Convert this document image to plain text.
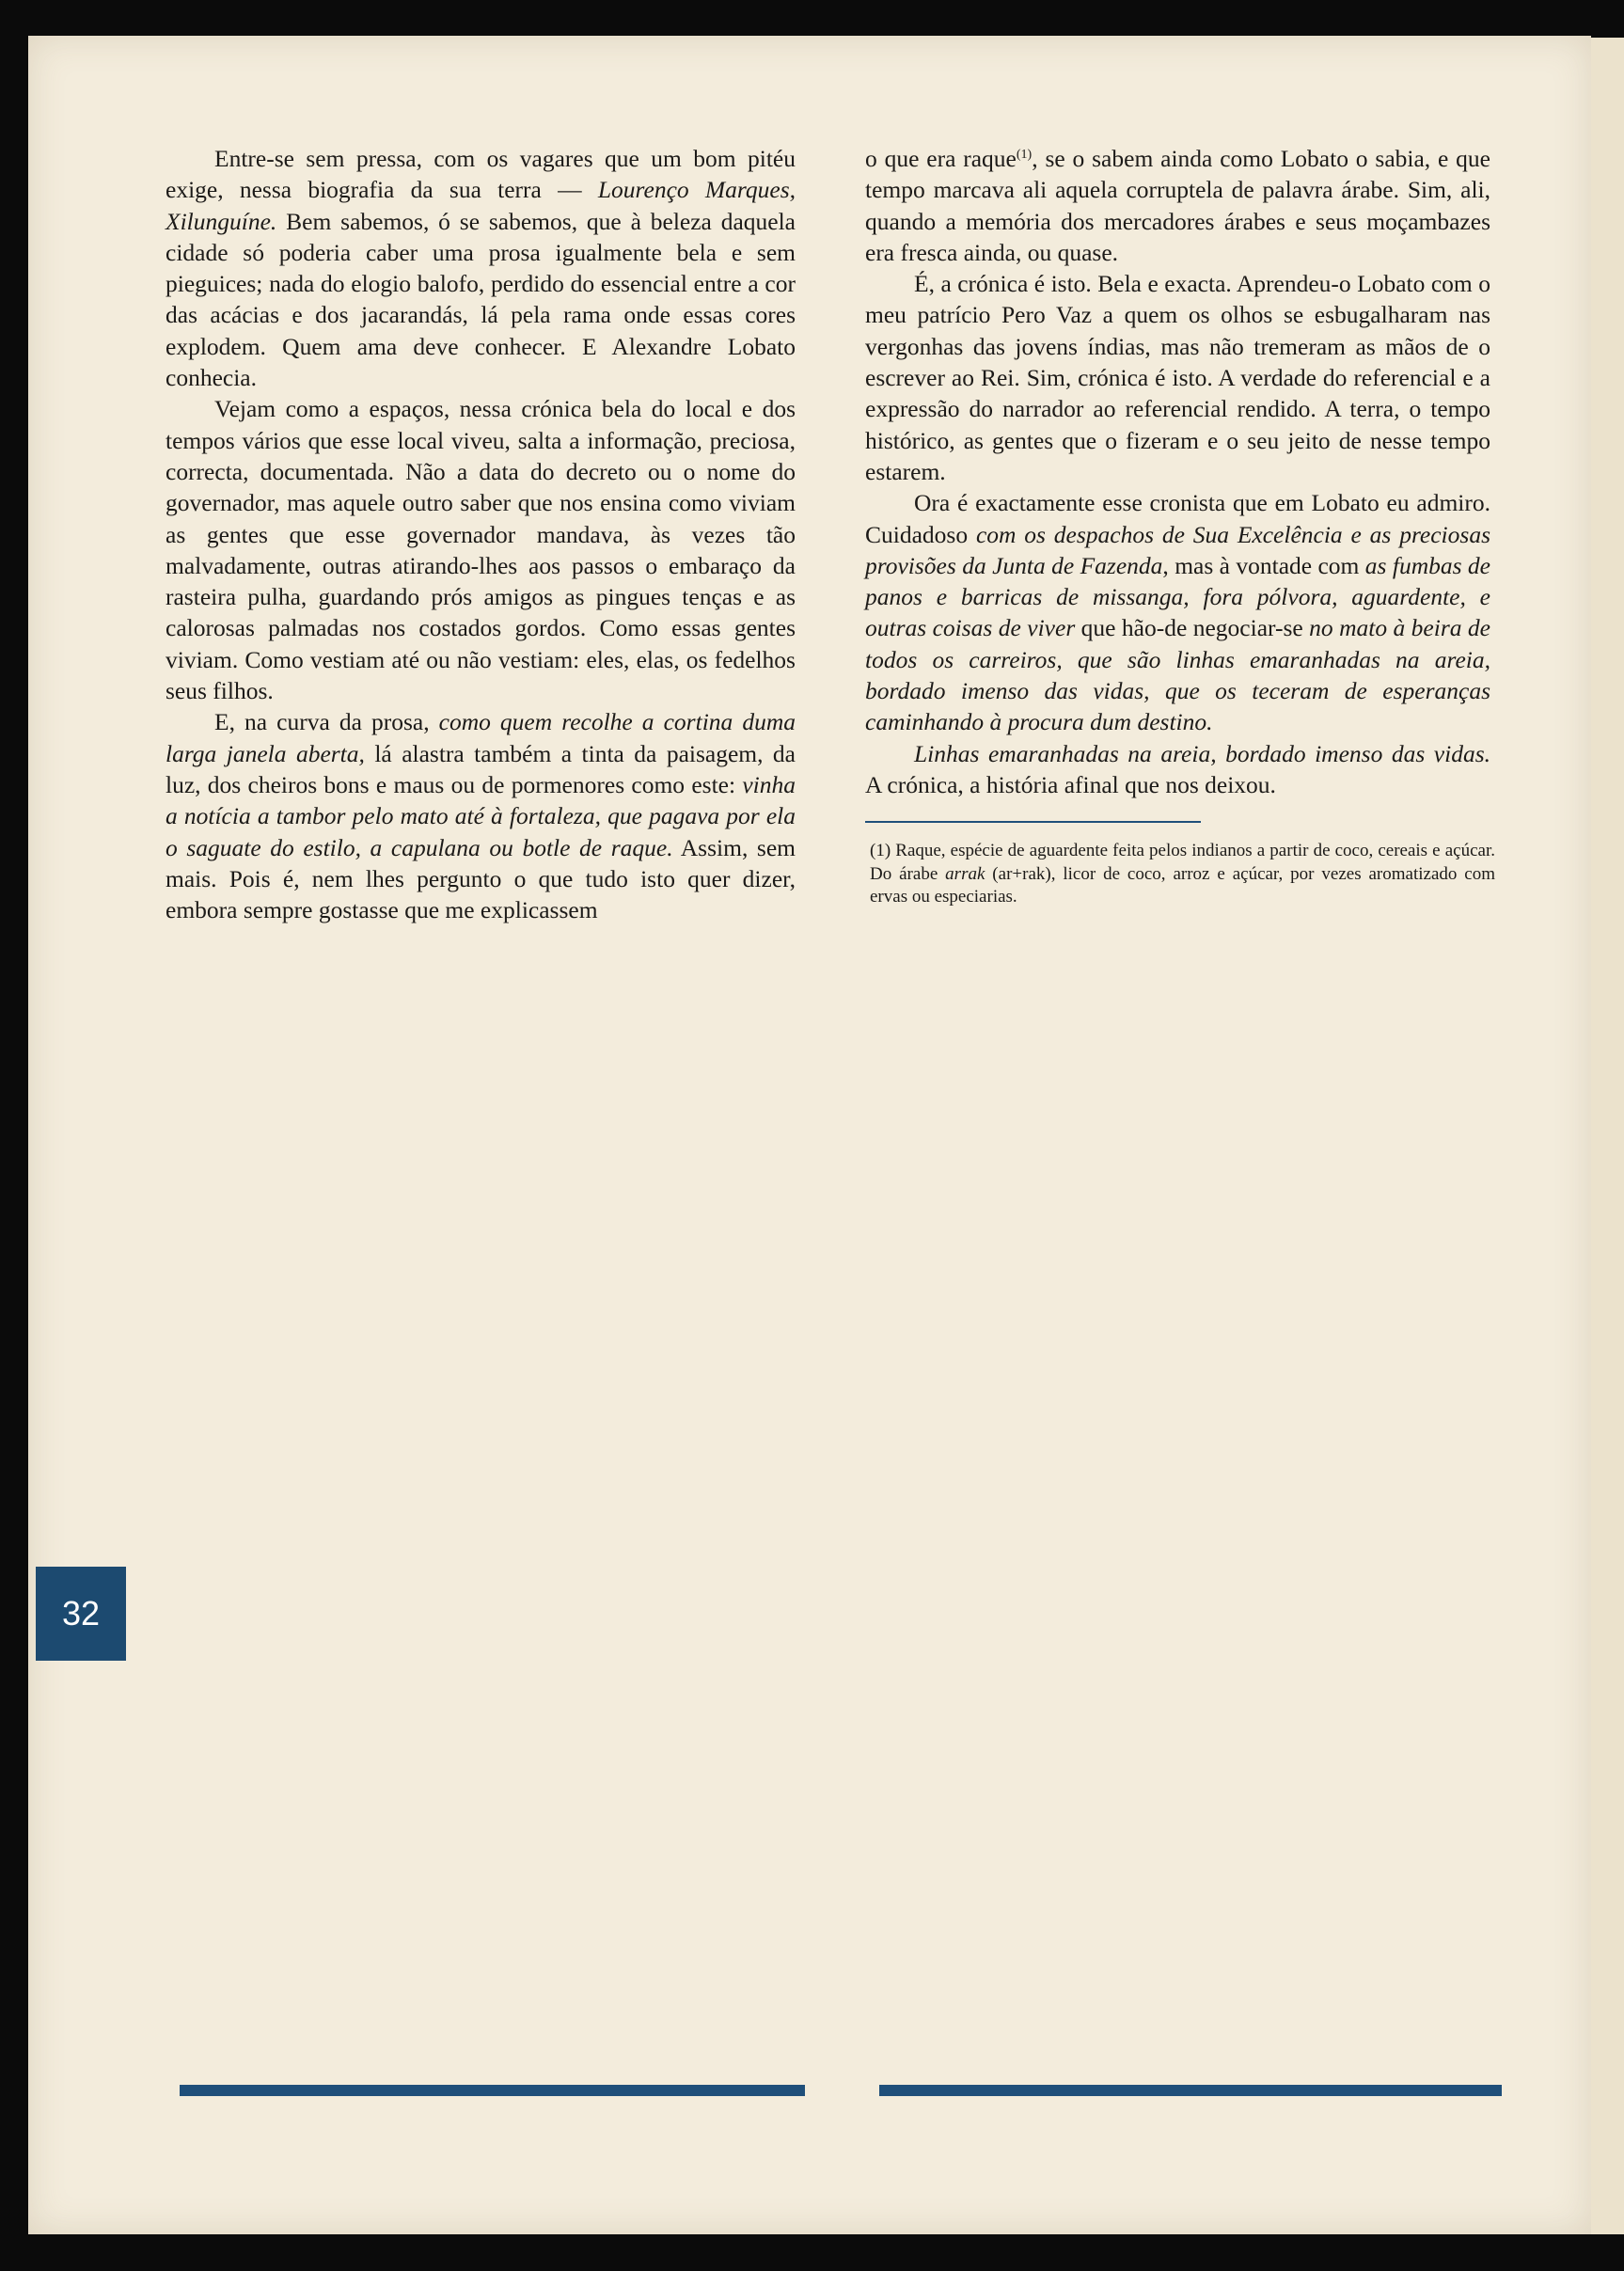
Entre-se sem pressa, com os vagares que um bom pitéu exige, nessa biografia da sua terra — Lourenço Marques, Xilunguíne. Bem sabemos, ó se sabemos, que à beleza daquela cidade só poderia caber uma prosa igualmente bela e sem pieguices; nada do elogio balofo, perdido do essencial entre a cor das acácias e dos jacarandás, lá pela rama onde essas cores explodem. Quem ama deve conhecer. E Alexandre Lobato conhecia.

Vejam como a espaços, nessa crónica bela do local e dos tempos vários que esse local viveu, salta a informação, preciosa, correcta, documentada. Não a data do decreto ou o nome do governador, mas aquele outro saber que nos ensina como viviam as gentes que esse governador mandava, às vezes tão malvadamente, outras atirando-lhes aos passos o embaraço da rasteira pulha, guardando prós amigos as pingues tenças e as calorosas palmadas nos costados gordos. Como essas gentes viviam. Como vestiam até ou não vestiam: eles, elas, os fedelhos seus filhos.

E, na curva da prosa, como quem recolhe a cortina duma larga janela aberta, lá alastra também a tinta da paisagem, da luz, dos cheiros bons e maus ou de pormenores como este: vinha a notícia a tambor pelo mato até à fortaleza, que pagava por ela o saguate do estilo, a capulana ou botle de raque. Assim, sem mais. Pois é, nem lhes pergunto o que tudo isto quer dizer, embora sempre gostasse que me explicassem

o que era raque$^{(1)}$, se o sabem ainda como Lobato o sabia, e que tempo marcava ali aquela corruptela de palavra árabe. Sim, ali, quando a memória dos mercadores árabes e seus moçambazes era fresca ainda, ou quase.

É, a crónica é isto. Bela e exacta. Aprendeu-o Lobato com o meu patrício Pero Vaz a quem os olhos se esbugalharam nas vergonhas das jovens índias, mas não tremeram as mãos de o escrever ao Rei. Sim, crónica é isto. A verdade do referencial e a expressão do narrador ao referencial rendido. A terra, o tempo histórico, as gentes que o fizeram e o seu jeito de nesse tempo estarem.

Ora é exactamente esse cronista que em Lobato eu admiro. Cuidadoso com os despachos de Sua Excelência e as preciosas provisões da Junta de Fazenda, mas à vontade com as fumbas de panos e barricas de missanga, fora pólvora, aguardente, e outras coisas de viver que hão-de negociar-se no mato à beira de todos os carreiros, que são linhas emaranhadas na areia, bordado imenso das vidas, que os teceram de esperanças caminhando à procura dum destino.

Linhas emaranhadas na areia, bordado imenso das vidas. A crónica, a história afinal que nos deixou.

(1) Raque, espécie de aguardente feita pelos indianos a partir de coco, cereais e açúcar. Do árabe arrak (ar+rak), licor de coco, arroz e açúcar, por vezes aromatizado com ervas ou especiarias.

32
